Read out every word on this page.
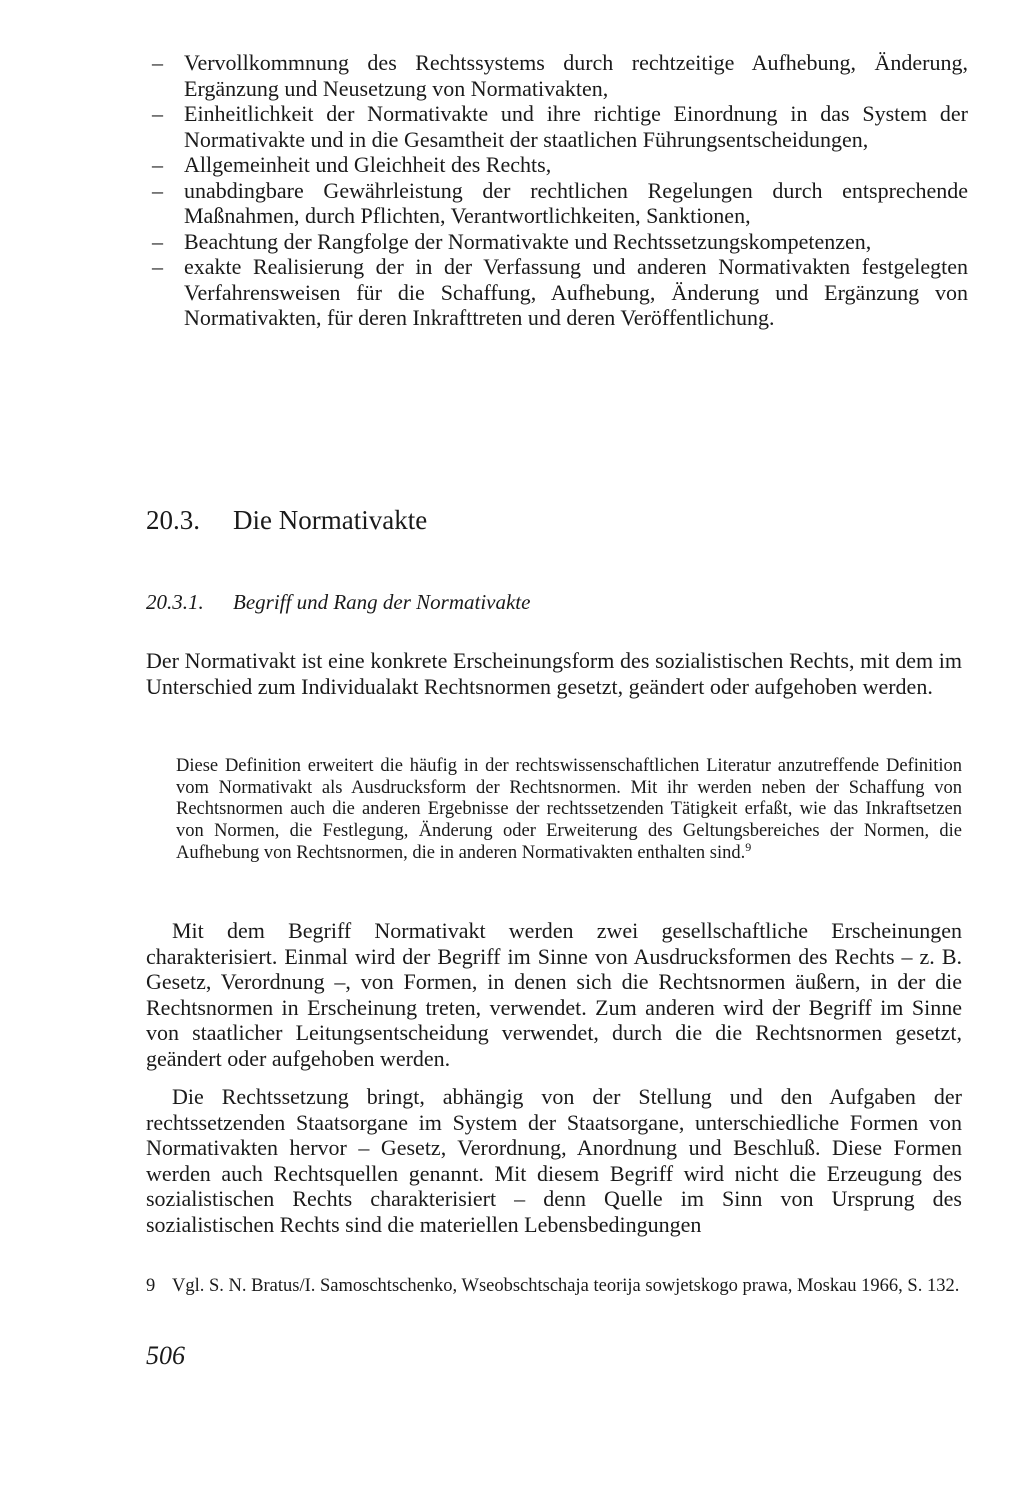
– Vervollkommnung des Rechtssystems durch rechtzeitige Aufhebung, Änderung, Ergänzung und Neusetzung von Normativakten,
– Einheitlichkeit der Normativakte und ihre richtige Einordnung in das System der Normativakte und in die Gesamtheit der staatlichen Führungsentscheidungen,
– Allgemeinheit und Gleichheit des Rechts,
– unabdingbare Gewährleistung der rechtlichen Regelungen durch entsprechende Maßnahmen, durch Pflichten, Verantwortlichkeiten, Sanktionen,
– Beachtung der Rangfolge der Normativakte und Rechtssetzungskompetenzen,
– exakte Realisierung der in der Verfassung und anderen Normativakten festgelegten Verfahrensweisen für die Schaffung, Aufhebung, Änderung und Ergänzung von Normativakten, für deren Inkrafttreten und deren Veröffentlichung.
20.3. Die Normativakte
20.3.1. Begriff und Rang der Normativakte

Der Normativakt ist eine konkrete Erscheinungsform des sozialistischen Rechts, mit dem im Unterschied zum Individualakt Rechtsnormen gesetzt, geändert oder aufgehoben werden.

Diese Definition erweitert die häufig in der rechtswissenschaftlichen Literatur anzutreffende Definition vom Normativakt als Ausdrucksform der Rechtsnormen. Mit ihr werden neben der Schaffung von Rechtsnormen auch die anderen Ergebnisse der rechtssetzenden Tätigkeit erfaßt, wie das Inkraftsetzen von Normen, die Festlegung, Änderung oder Erweiterung des Geltungsbereiches der Normen, die Aufhebung von Rechtsnormen, die in anderen Normativakten enthalten sind.$^9$

Mit dem Begriff Normativakt werden zwei gesellschaftliche Erscheinungen charakterisiert. Einmal wird der Begriff im Sinne von Ausdrucksformen des Rechts – z. B. Gesetz, Verordnung –, von Formen, in denen sich die Rechtsnormen äußern, in der die Rechtsnormen in Erscheinung treten, verwendet. Zum anderen wird der Begriff im Sinne von staatlicher Leitungsentscheidung verwendet, durch die die Rechtsnormen gesetzt, geändert oder aufgehoben werden.

Die Rechtssetzung bringt, abhängig von der Stellung und den Aufgaben der rechtssetzenden Staatsorgane im System der Staatsorgane, unterschiedliche Formen von Normativakten hervor – Gesetz, Verordnung, Anordnung und Beschluß. Diese Formen werden auch Rechtsquellen genannt. Mit diesem Begriff wird nicht die Erzeugung des sozialistischen Rechts charakterisiert – denn Quelle im Sinn von Ursprung des sozialistischen Rechts sind die materiellen Lebensbedingungen

9 Vgl. S. N. Bratus/I. Samoschtschenko, Wseobschtschaja teorija sowjetskogo prawa, Moskau 1966, S. 132.
506
